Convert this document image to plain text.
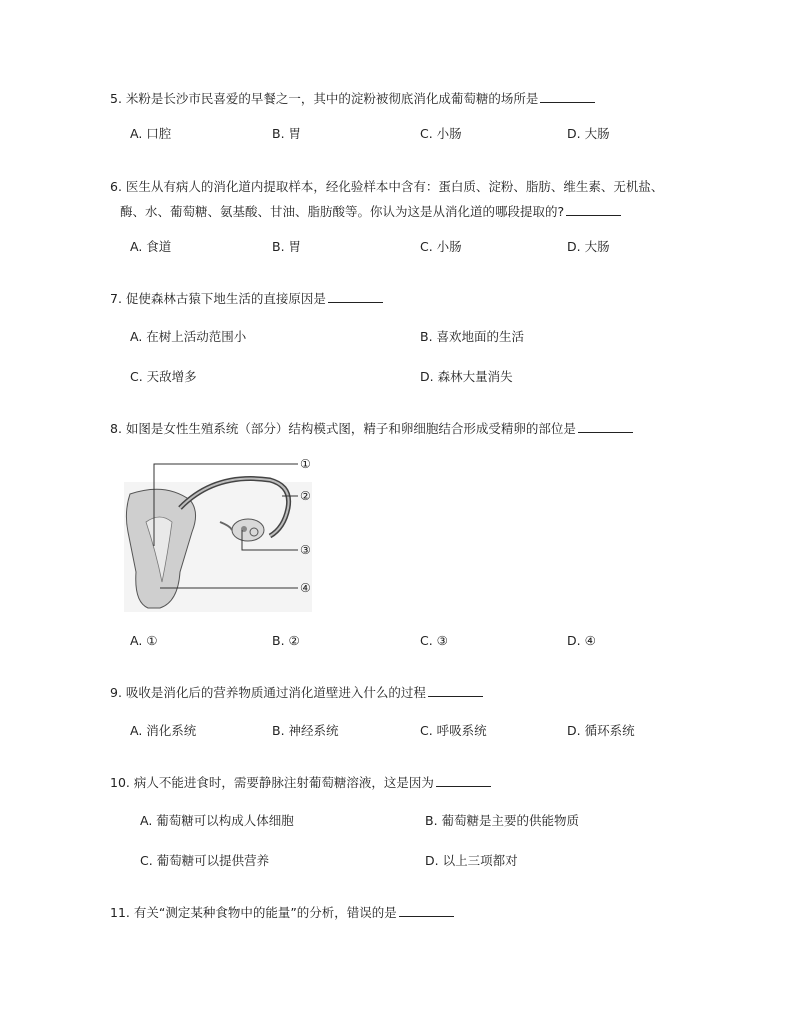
5. 米粉是长沙市民喜爱的早餐之一，其中的淀粉被彻底消化成葡萄糖的场所是
A. 口腔	B. 胃	C. 小肠	D. 大肠
6. 医生从有病人的消化道内提取样本，经化验样本中含有：蛋白质、淀粉、脂肪、维生素、无机盐、
酶、水、葡萄糖、氨基酸、甘油、脂肪酸等。你认为这是从消化道的哪段提取的?
A. 食道	B. 胃	C. 小肠	D. 大肠
7. 促使森林古猿下地生活的直接原因是
A. 在树上活动范围小	B. 喜欢地面的生活
C. 天敌增多	D. 森林大量消失
8. 如图是女性生殖系统（部分）结构模式图，精子和卵细胞结合形成受精卵的部位是
①
②
③
④
A. ①	B. ②	C. ③	D. ④
9. 吸收是消化后的营养物质通过消化道壁进入什么的过程
A. 消化系统	B. 神经系统	C. 呼吸系统	D. 循环系统
10. 病人不能进食时，需要静脉注射葡萄糖溶液，这是因为
A. 葡萄糖可以构成人体细胞	B. 葡萄糖是主要的供能物质
C. 葡萄糖可以提供营养	D. 以上三项都对
11. 有关“测定某种食物中的能量”的分析，错误的是
